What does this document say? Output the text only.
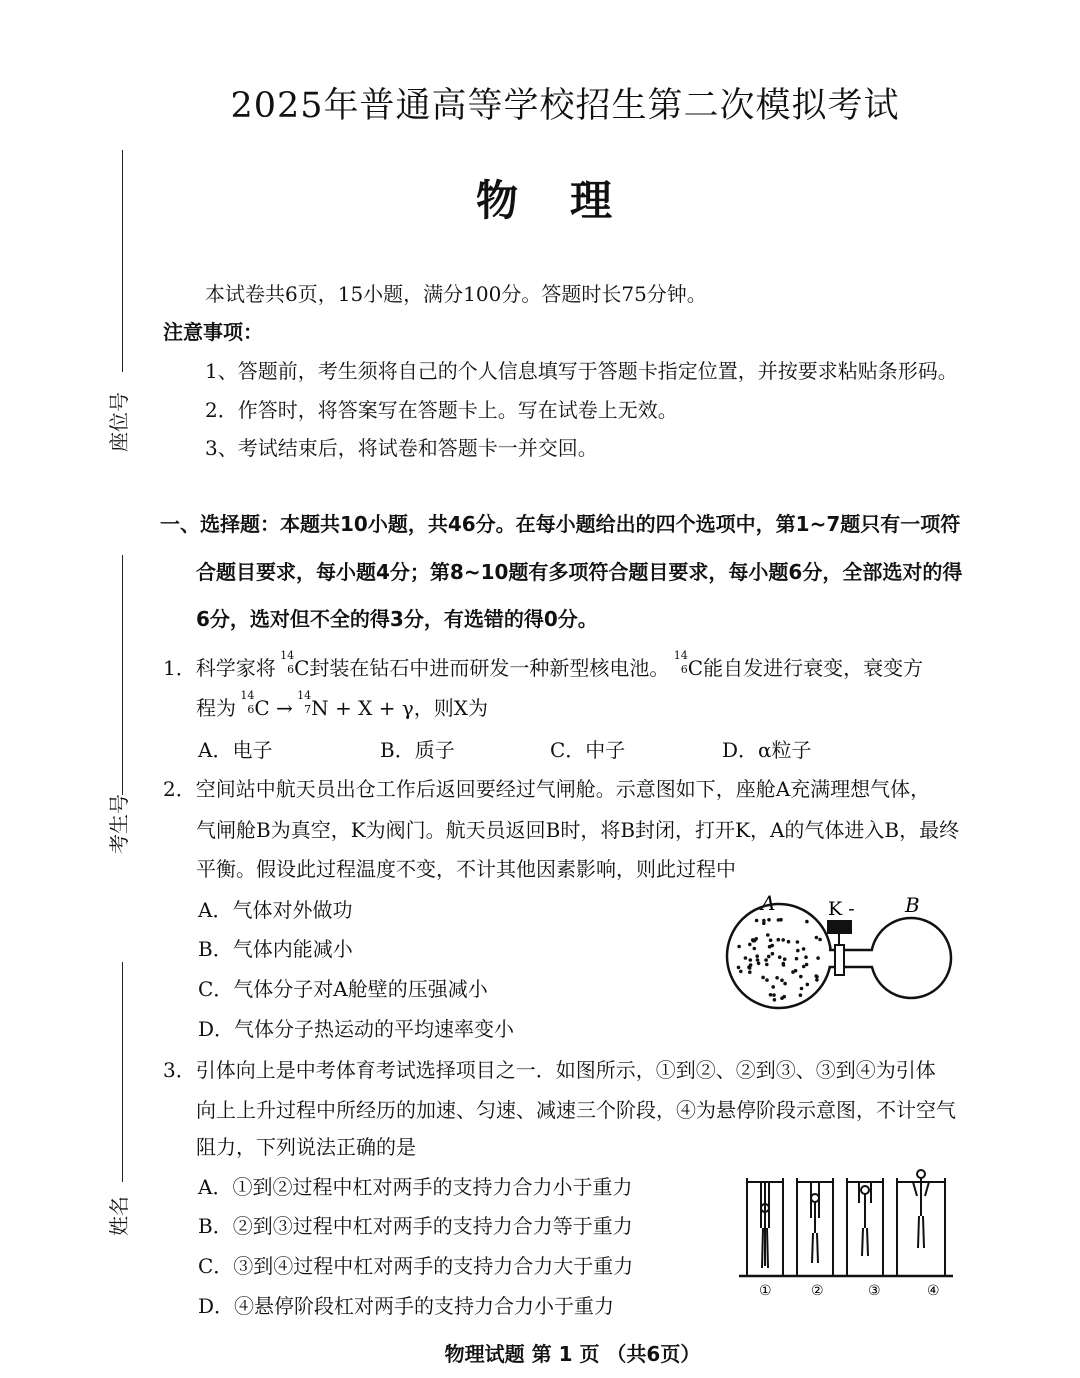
2025年普通高等学校招生第二次模拟考试
物理
座位号
考生号
姓名
本试卷共6页，15小题，满分100分。答题时长75分钟。
注意事项：
1、答题前，考生须将自己的个人信息填写于答题卡指定位置，并按要求粘贴条形码。
2．作答时，将答案写在答题卡上。写在试卷上无效。
3、考试结束后，将试卷和答题卡一并交回。
一、选择题：本题共10小题，共46分。在每小题给出的四个选项中，第1~7题只有一项符
合题目要求，每小题4分；第8~10题有多项符合题目要求，每小题6分，全部选对的得
6分，选对但不全的得3分，有选错的得0分。
1．科学家将
14
6 C封装在钻石中进而研发一种新型核电池。
14
6 C能自发进行衰变，衰变方
程为
14
6 C →
14
7 N + X + γ，则X为
A．电子	B．质子	C．中子	D．α粒子
2．空间站中航天员出仓工作后返回要经过气闸舱。示意图如下，座舱A充满理想气体，
气闸舱B为真空，K为阀门。航天员返回B时，将B封闭，打开K，A的气体进入B，最终
平衡。假设此过程温度不变，不计其他因素影响，则此过程中
A．气体对外做功
B．气体内能减小
C．气体分子对A舱壁的压强减小
D．气体分子热运动的平均速率变小
A	K -	B
3．引体向上是中考体育考试选择项目之一．如图所示，①到②、②到③、③到④为引体
向上上升过程中所经历的加速、匀速、减速三个阶段，④为悬停阶段示意图，不计空气
阻力，下列说法正确的是
A．①到②过程中杠对两手的支持力合力小于重力
B．②到③过程中杠对两手的支持力合力等于重力
C．③到④过程中杠对两手的支持力合力大于重力
D．④悬停阶段杠对两手的支持力合力小于重力
①	②	③	④
物理试题 第 1 页 （共6页）
